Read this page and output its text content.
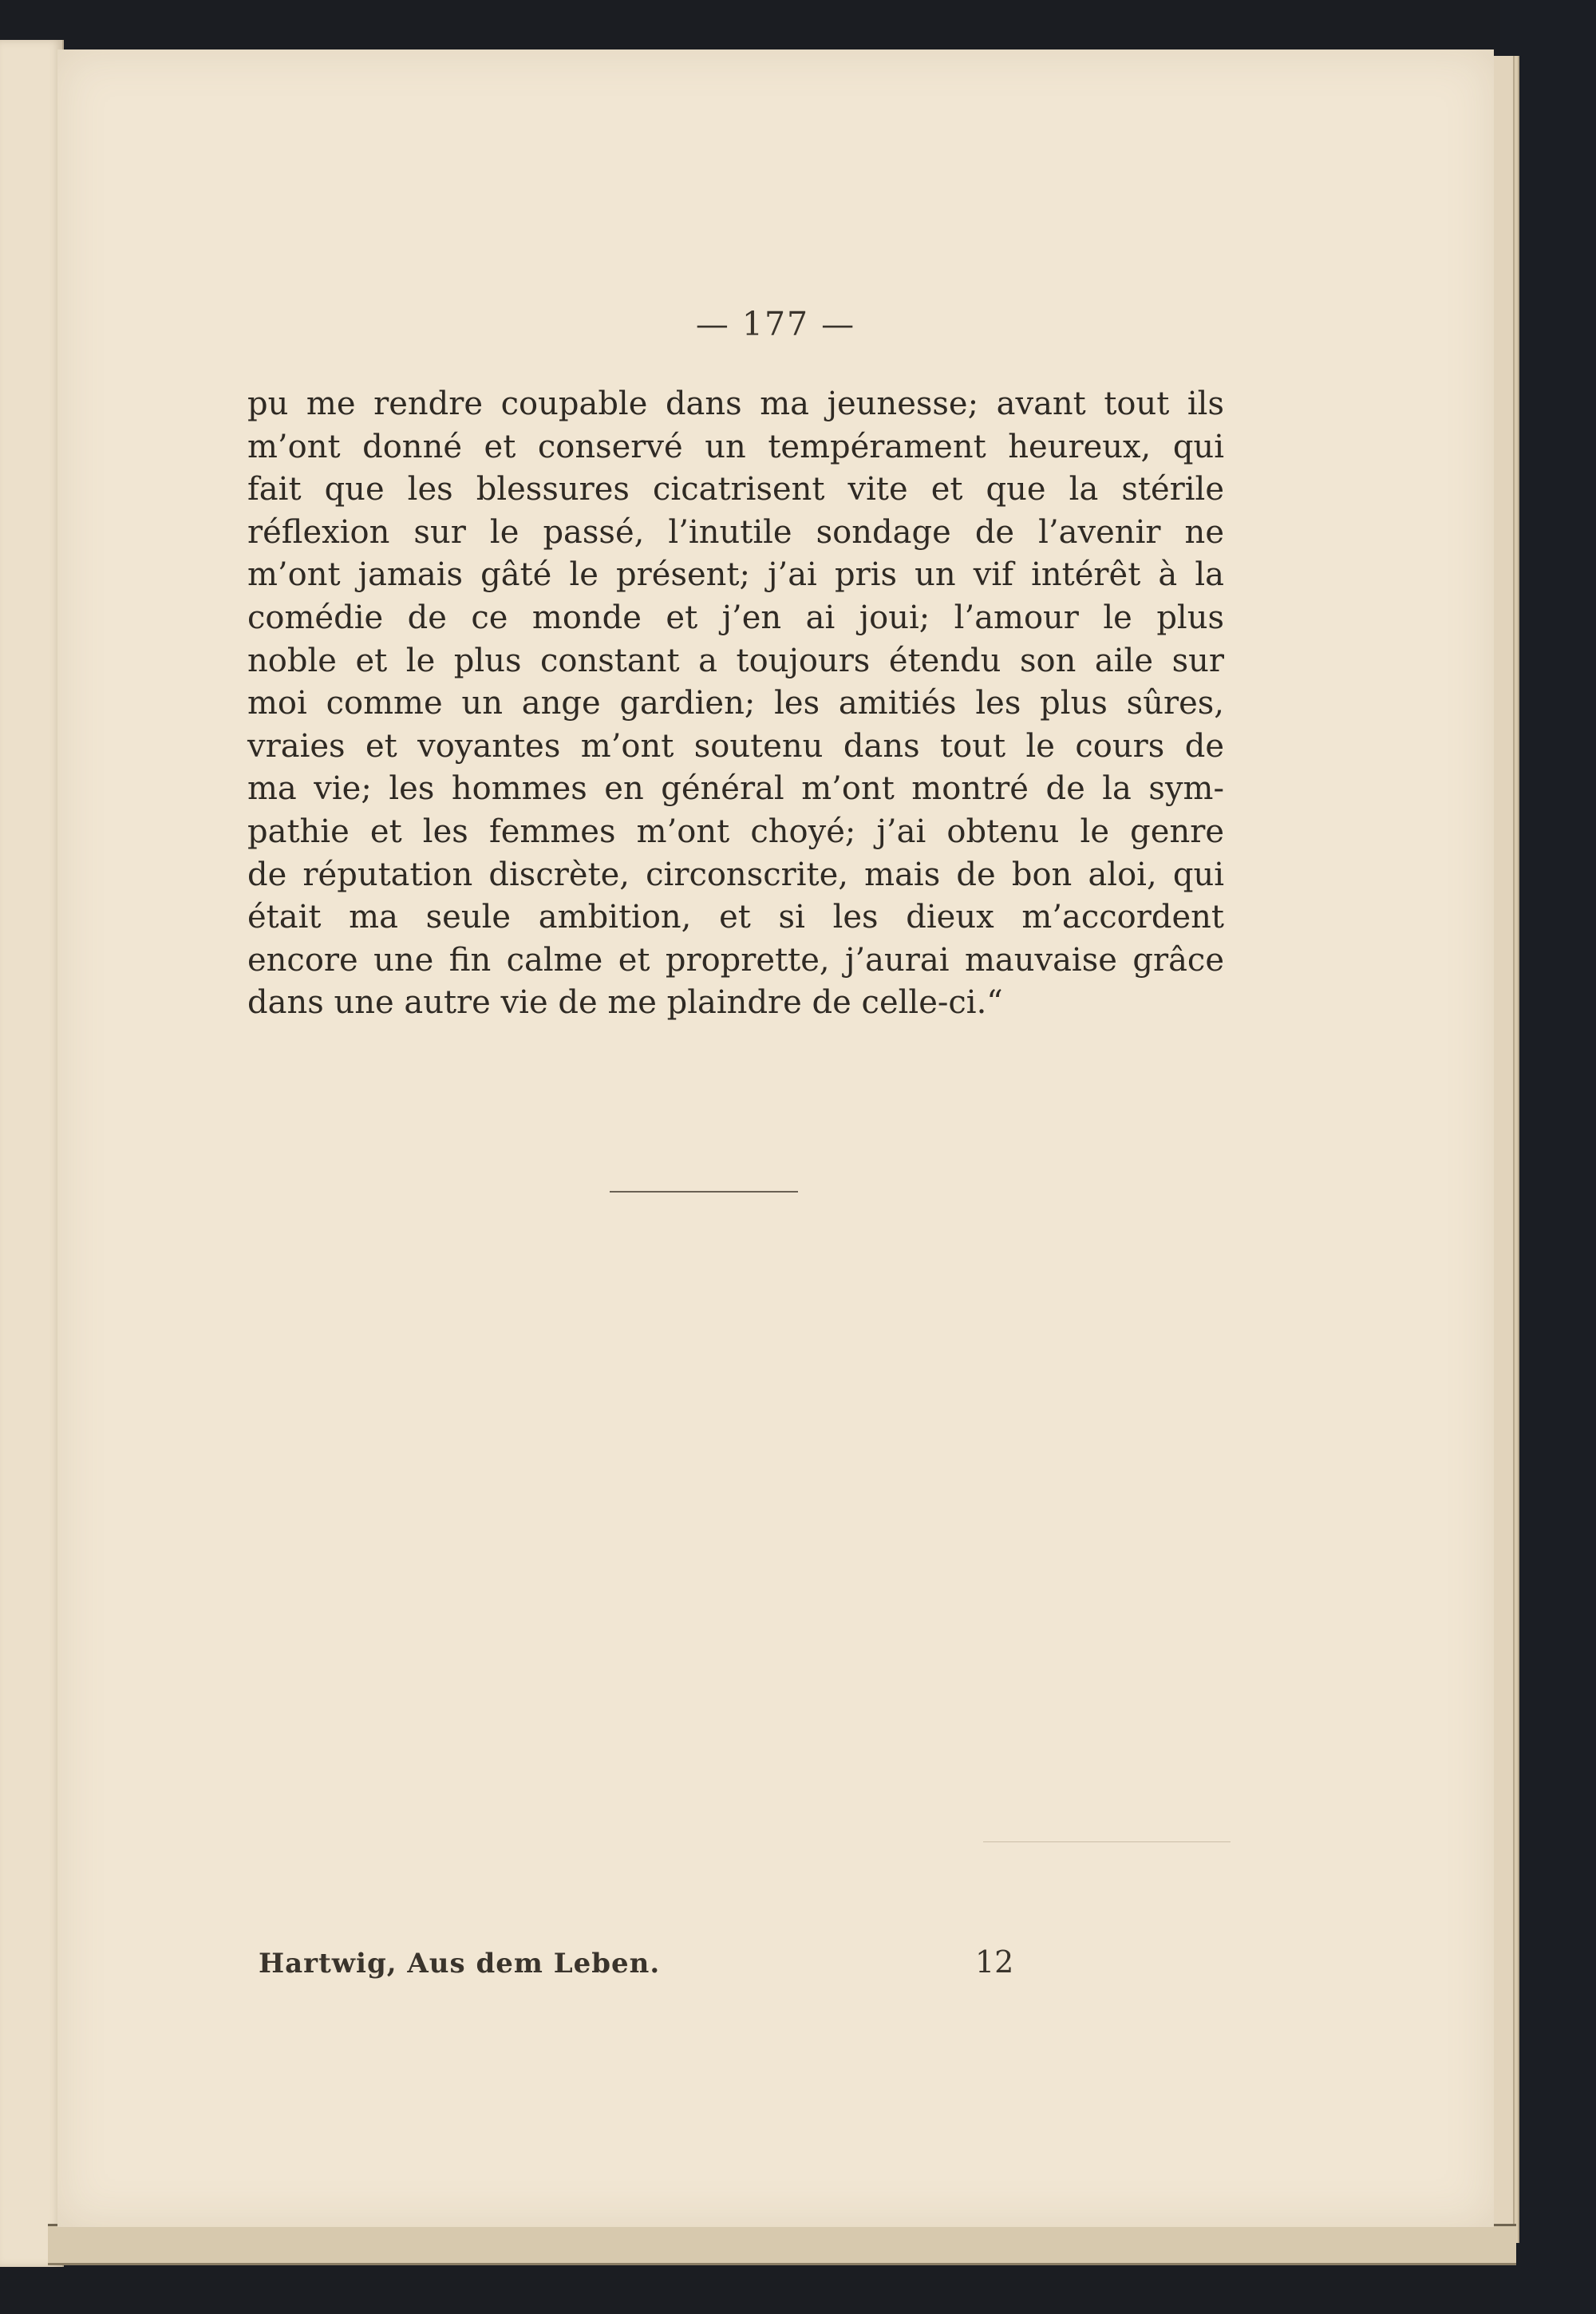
— 177 —
pu me rendre coupable dans ma jeunesse; avant tout ils
m’ont donné et conservé un tempérament heureux, qui
fait que les blessures cicatrisent vite et que la stérile
réflexion sur le passé, l’inutile sondage de l’avenir ne
m’ont jamais gâté le présent; j’ai pris un vif intérêt à la
comédie de ce monde et j’en ai joui; l’amour le plus
noble et le plus constant a toujours étendu son aile sur
moi comme un ange gardien; les amitiés les plus sûres,
vraies et voyantes m’ont soutenu dans tout le cours de
ma vie; les hommes en général m’ont montré de la sym-
pathie et les femmes m’ont choyé; j’ai obtenu le genre
de réputation discrète, circonscrite, mais de bon aloi, qui
était ma seule ambition, et si les dieux m’accordent
encore une fin calme et proprette, j’aurai mauvaise grâce
dans une autre vie de me plaindre de celle-ci.“
Hartwig, Aus dem Leben.	12
